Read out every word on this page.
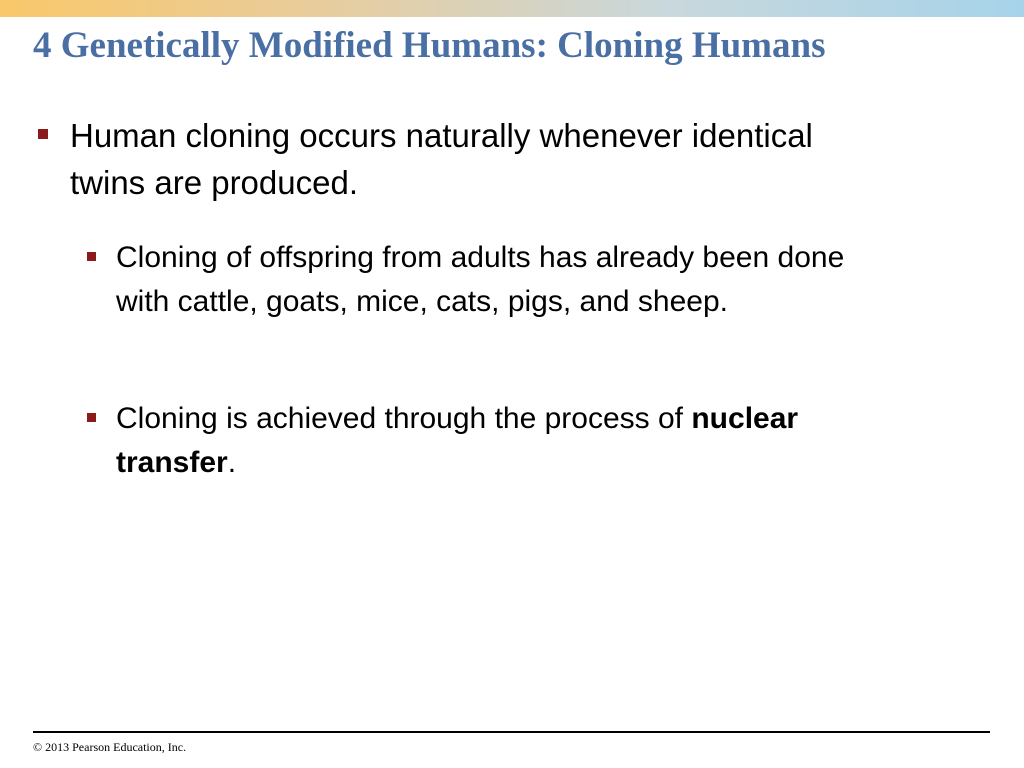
4 Genetically Modified Humans: Cloning Humans
Human cloning occurs naturally whenever identical twins are produced.
Cloning of offspring from adults has already been done with cattle, goats, mice, cats, pigs, and sheep.
Cloning is achieved through the process of nuclear transfer.
© 2013 Pearson Education, Inc.
